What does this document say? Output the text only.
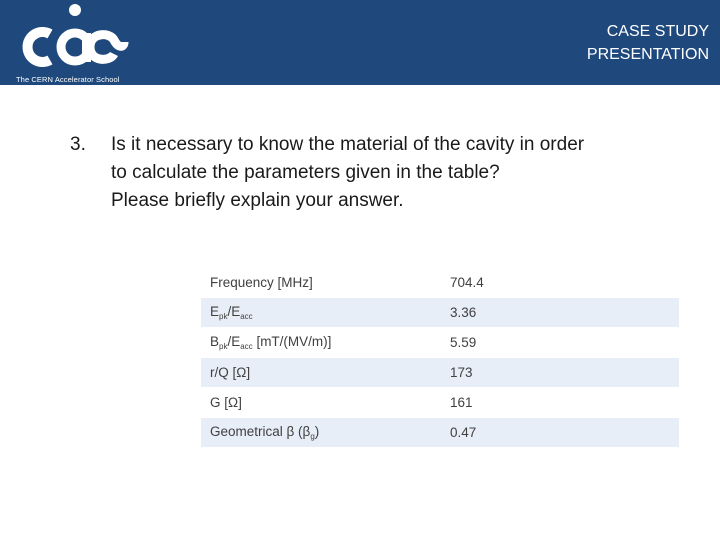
The CERN Accelerator School
CASE STUDY
PRESENTATION
3. Is it necessary to know the material of the cavity in order
to calculate the parameters given in the table?
Please briefly explain your answer.
Frequency [MHz]	704.4
$E_{pk}/E_{acc}$	3.36
$B_{pk}/E_{acc}$ [mT/(MV/m)]	5.59
r/Q [Ω]	173
G [Ω]	161
Geometrical β $(\beta_g)$	0.47
